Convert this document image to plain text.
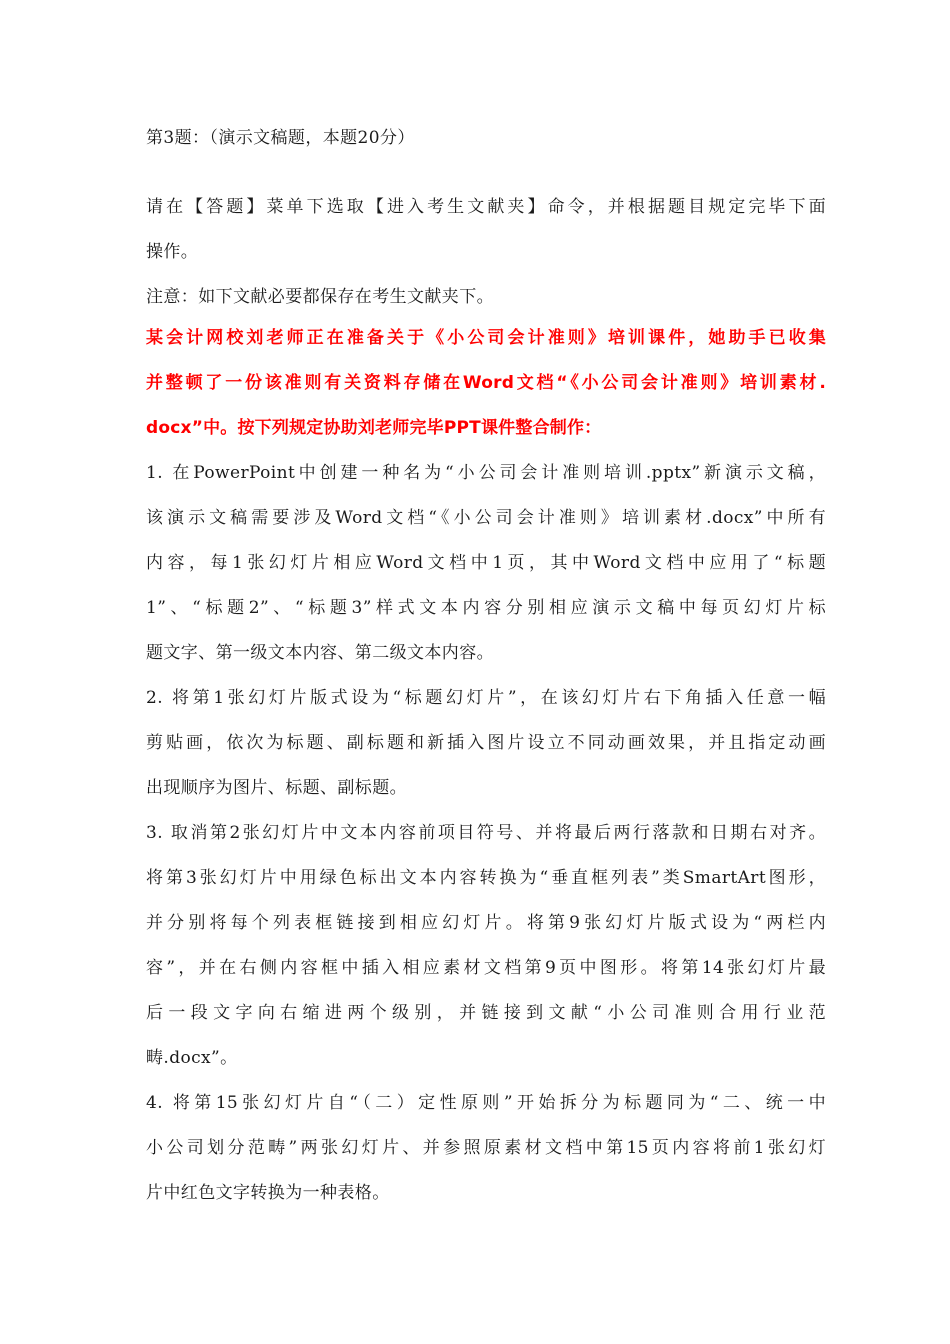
第3题：（演示文稿题，本题20分）
请在【答题】菜单下选取【进入考生文献夹】命令，并根据题目规定完毕下面
操作。
注意：如下文献必要都保存在考生文献夹下。
某会计网校刘老师正在准备关于《小公司会计准则》培训课件，她助手已收集
并整顿了一份该准则有关资料存储在Word文档“《小公司会计准则》培训素材.
docx”中。按下列规定协助刘老师完毕PPT课件整合制作：
1. 在PowerPoint中创建一种名为“小公司会计准则培训.pptx”新演示文稿，
该演示文稿需要涉及Word文档“《小公司会计准则》培训素材.docx”中所有
内容，每1张幻灯片相应Word文档中1页，其中Word文档中应用了“标题
1”、“标题2”、“标题3”样式文本内容分别相应演示文稿中每页幻灯片标
题文字、第一级文本内容、第二级文本内容。
2. 将第1张幻灯片版式设为“标题幻灯片”，在该幻灯片右下角插入任意一幅
剪贴画，依次为标题、副标题和新插入图片设立不同动画效果，并且指定动画
出现顺序为图片、标题、副标题。
3. 取消第2张幻灯片中文本内容前项目符号、并将最后两行落款和日期右对齐。
将第3张幻灯片中用绿色标出文本内容转换为“垂直框列表”类SmartArt图形，
并分别将每个列表框链接到相应幻灯片。将第9张幻灯片版式设为“两栏内
容”，并在右侧内容框中插入相应素材文档第9页中图形。将第14张幻灯片最
后一段文字向右缩进两个级别，并链接到文献“小公司准则合用行业范
畴.docx”。
4. 将第15张幻灯片自“（二）定性原则”开始拆分为标题同为“二、统一中
小公司划分范畴”两张幻灯片、并参照原素材文档中第15页内容将前1张幻灯
片中红色文字转换为一种表格。
